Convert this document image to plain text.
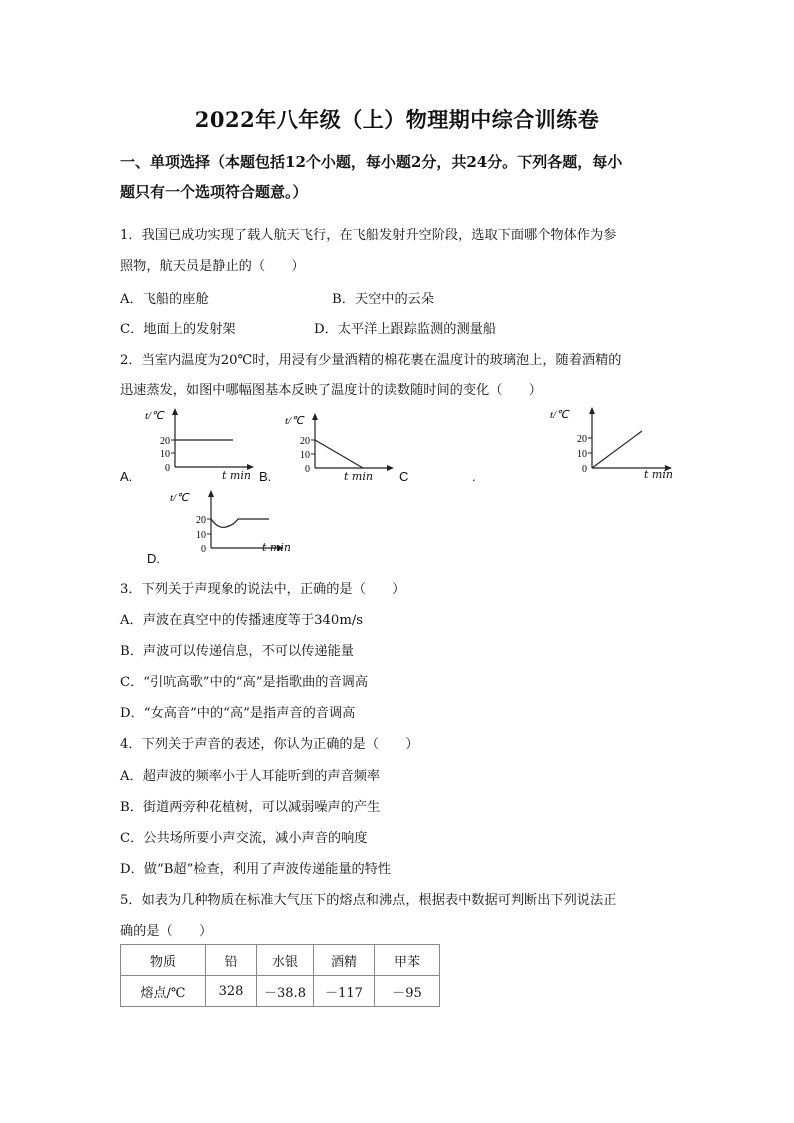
2022年八年级（上）物理期中综合训练卷
一、单项选择（本题包括12个小题，每小题2分，共24分。下列各题，每小
题只有一个选项符合题意。）
1．我国已成功实现了载人航天飞行，在飞船发射升空阶段，选取下面哪个物体作为参
照物，航天员是静止的（　　）
A．飞船的座舱	B．天空中的云朵
C．地面上的发射架	D．太平洋上跟踪监测的测量船
2．当室内温度为20℃时，用浸有少量酒精的棉花裹在温度计的玻璃泡上，随着酒精的
迅速蒸发，如图中哪幅图基本反映了温度计的读数随时间的变化（　　）
t/℃
20
10
0
A.	t min
t/℃
20
10
0
B.	t min C	.
t/℃
20
10
0	t min
t/℃
20
10
0
D.
t min
3．下列关于声现象的说法中，正确的是（　　）
A．声波在真空中的传播速度等于340m/s
B．声波可以传递信息，不可以传递能量
C．“引吭高歌”中的“高”是指歌曲的音调高
D．“女高音”中的“高”是指声音的音调高
4．下列关于声音的表述，你认为正确的是（　　）
A．超声波的频率小于人耳能听到的声音频率
B．街道两旁种花植树，可以减弱噪声的产生
C．公共场所要小声交流，减小声音的响度
D．做“B超”检查，利用了声波传递能量的特性
5．如表为几种物质在标准大气压下的熔点和沸点，根据表中数据可判断出下列说法正
确的是（　　）
物质	铅	水银	酒精	甲苯
熔点/℃	328	－38.8	－117	－95
